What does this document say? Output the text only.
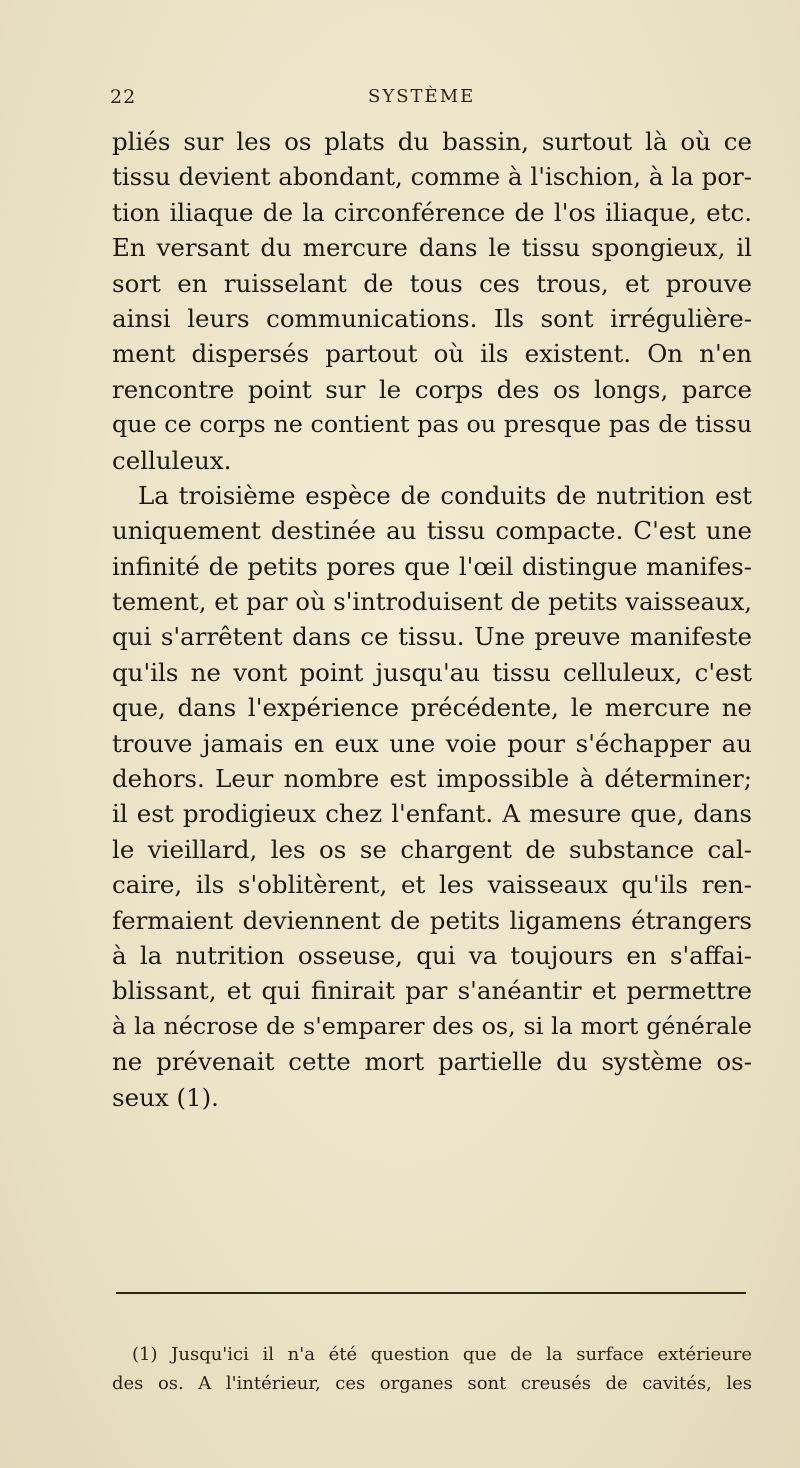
22	SYSTÈME
pliés sur les os plats du bassin, surtout là où ce
tissu devient abondant, comme à l'ischion, à la por-
tion iliaque de la circonférence de l'os iliaque, etc.
En versant du mercure dans le tissu spongieux, il
sort en ruisselant de tous ces trous, et prouve
ainsi leurs communications. Ils sont irrégulière-
ment dispersés partout où ils existent. On n'en
rencontre point sur le corps des os longs, parce
que ce corps ne contient pas ou presque pas de tissu
celluleux.
La troisième espèce de conduits de nutrition est
uniquement destinée au tissu compacte. C'est une
infinité de petits pores que l'œil distingue manifes-
tement, et par où s'introduisent de petits vaisseaux,
qui s'arrêtent dans ce tissu. Une preuve manifeste
qu'ils ne vont point jusqu'au tissu celluleux, c'est
que, dans l'expérience précédente, le mercure ne
trouve jamais en eux une voie pour s'échapper au
dehors. Leur nombre est impossible à déterminer;
il est prodigieux chez l'enfant. A mesure que, dans
le vieillard, les os se chargent de substance cal-
caire, ils s'oblitèrent, et les vaisseaux qu'ils ren-
fermaient deviennent de petits ligamens étrangers
à la nutrition osseuse, qui va toujours en s'affai-
blissant, et qui finirait par s'anéantir et permettre
à la nécrose de s'emparer des os, si la mort générale
ne prévenait cette mort partielle du système os-
seux (1).
(1) Jusqu'ici il n'a été question que de la surface extérieure
des os. A l'intérieur, ces organes sont creusés de cavités, les
